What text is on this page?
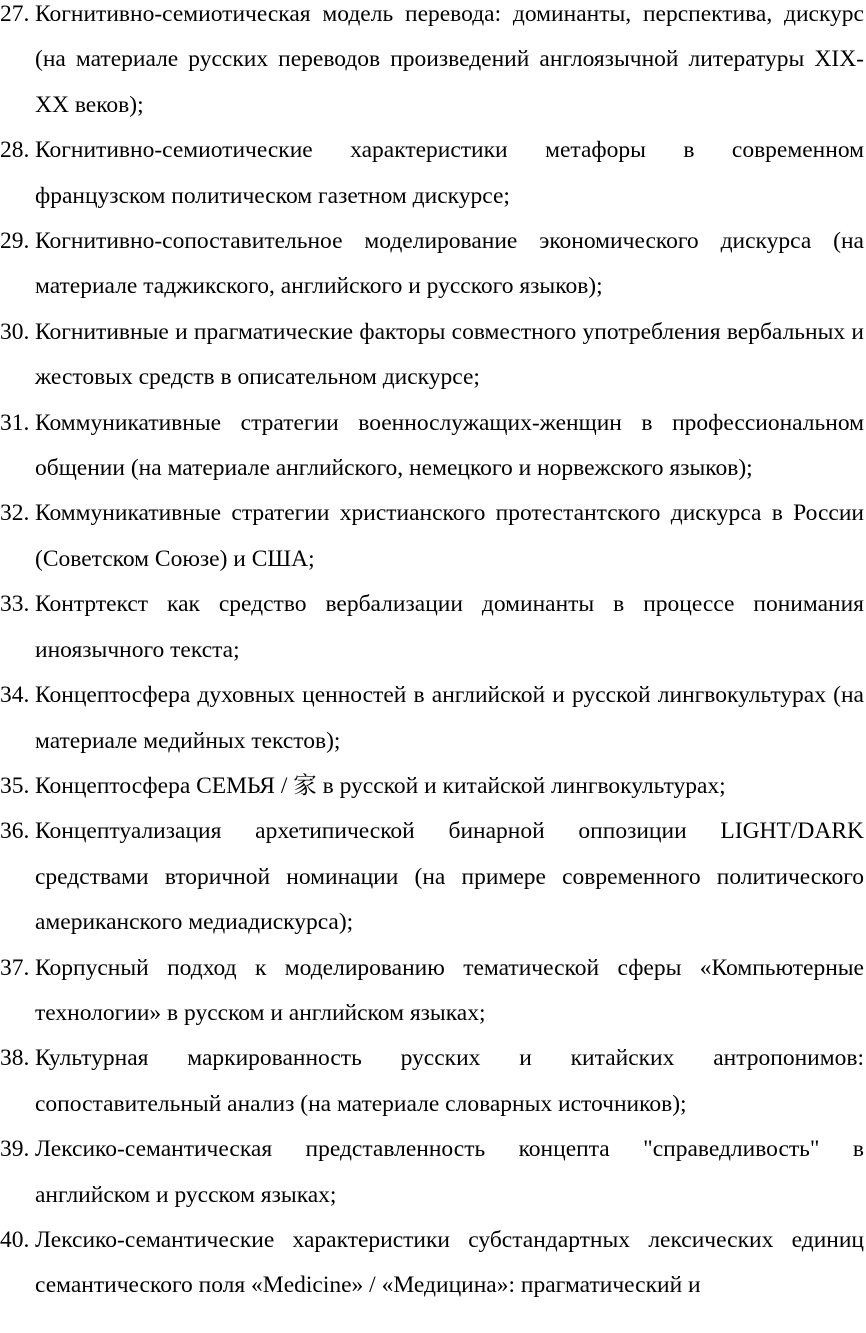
27. Когнитивно-семиотическая модель перевода: доминанты, перспектива, дискурс (на материале русских переводов произведений англоязычной литературы XIX-XX веков);
28. Когнитивно-семиотические характеристики метафоры в современном французском политическом газетном дискурсе;
29. Когнитивно-сопоставительное моделирование экономического дискурса (на материале таджикского, английского и русского языков);
30. Когнитивные и прагматические факторы совместного употребления вербальных и жестовых средств в описательном дискурсе;
31. Коммуникативные стратегии военнослужащих-женщин в профессиональном общении (на материале английского, немецкого и норвежского языков);
32. Коммуникативные стратегии христианского протестантского дискурса в России (Советском Союзе) и США;
33. Контртекст как средство вербализации доминанты в процессе понимания иноязычного текста;
34. Концептосфера духовных ценностей в английской и русской лингвокультурах (на материале медийных текстов);
35. Концептосфера СЕМЬЯ / 家 в русской и китайской лингвокультурах;
36. Концептуализация архетипической бинарной оппозиции LIGHT/DARK средствами вторичной номинации (на примере современного политического американского медиадискурса);
37. Корпусный подход к моделированию тематической сферы «Компьютерные технологии» в русском и английском языках;
38. Культурная маркированность русских и китайских антропонимов: сопоставительный анализ (на материале словарных источников);
39. Лексико-семантическая представленность концепта "справедливость" в английском и русском языках;
40. Лексико-семантические характеристики субстандартных лексических единиц семантического поля «Medicine» / «Медицина»: прагматический и
